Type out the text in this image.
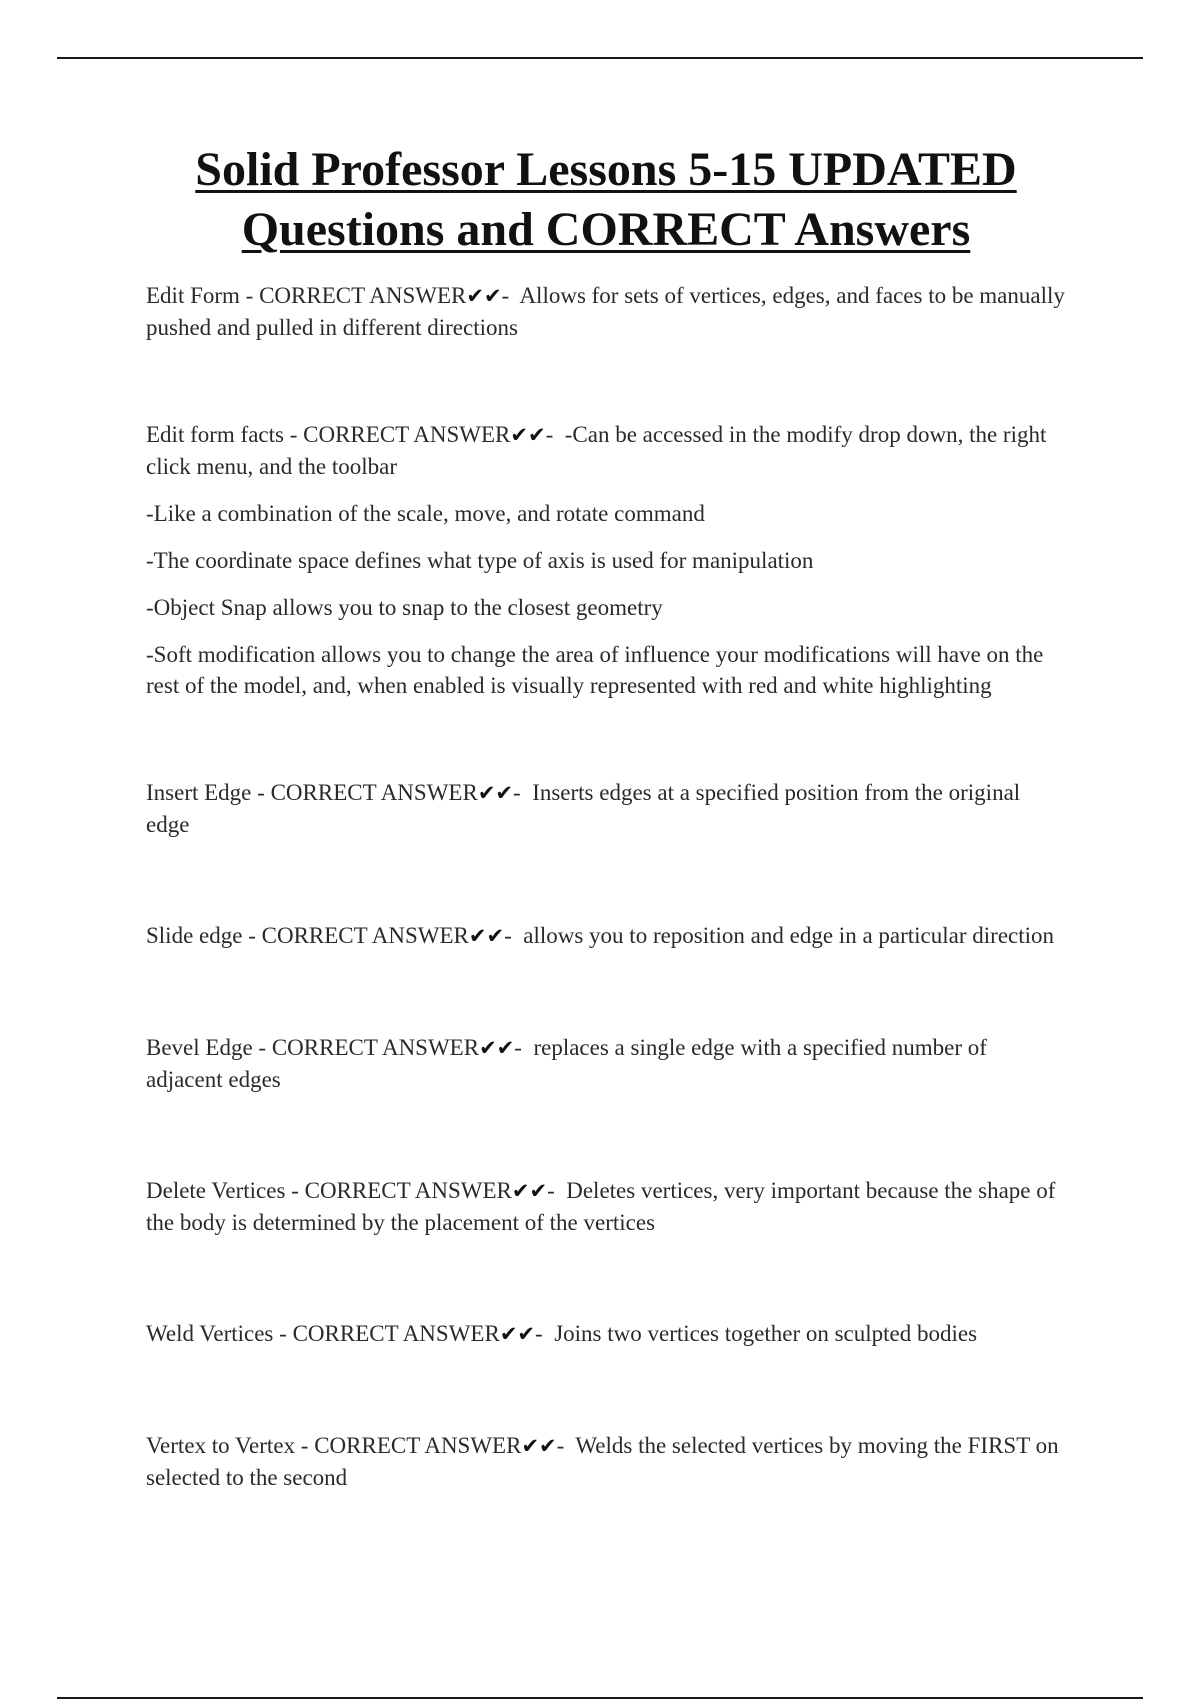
Solid Professor Lessons 5-15 UPDATED
Questions and CORRECT Answers

Edit Form - CORRECT ANSWER✔✔-  Allows for sets of vertices, edges, and faces to be manually pushed and pulled in different directions

Edit form facts - CORRECT ANSWER✔✔-  -Can be accessed in the modify drop down, the right click menu, and the toolbar

-Like a combination of the scale, move, and rotate command

-The coordinate space defines what type of axis is used for manipulation

-Object Snap allows you to snap to the closest geometry

-Soft modification allows you to change the area of influence your modifications will have on the rest of the model, and, when enabled is visually represented with red and white highlighting

Insert Edge - CORRECT ANSWER✔✔-  Inserts edges at a specified position from the original edge

Slide edge - CORRECT ANSWER✔✔-  allows you to reposition and edge in a particular direction

Bevel Edge - CORRECT ANSWER✔✔-  replaces a single edge with a specified number of adjacent edges

Delete Vertices - CORRECT ANSWER✔✔-  Deletes vertices, very important because the shape of the body is determined by the placement of the vertices

Weld Vertices - CORRECT ANSWER✔✔-  Joins two vertices together on sculpted bodies

Vertex to Vertex - CORRECT ANSWER✔✔-  Welds the selected vertices by moving the FIRST on selected to the second
